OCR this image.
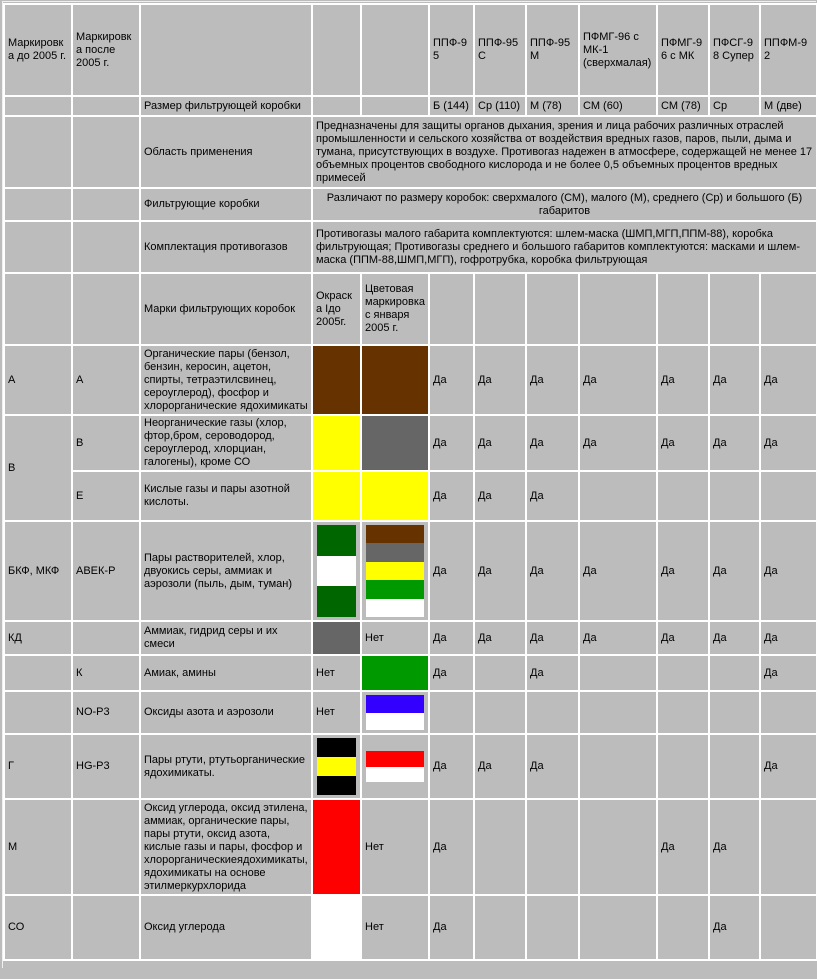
Маркировка до 2005 г.	Маркировка после 2005 г.				ППФ-95	ППФ-95С	ППФ-95М	ПФМГ-96 с МК-1 (сверхмалая)	ПФМГ-96 с МК	ПФСГ-98 Супер	ППФМ-92
		Размер фильтрующей коробки			Б (144)	Ср (110)	М (78)	СМ (60)	СМ (78)	Ср	М (две)
		Область применения	Предназначены для защиты органов дыхания, зрения и лица рабочих различных отраслей промышленности и сельского хозяйства от воздействия вредных газов, паров, пыли, дыма и тумана, присутствующих в воздухе. Противогаз надежен в атмосфере, содержащей не менее 17 объемных процентов свободного кислорода и не более 0,5 объемных процентов вредных примесей								
		Фильтрующие коробки	Различают по размеру коробок: сверхмалого (СМ), малого (М), среднего (Ср) и большого (Б) габаритов								
		Комплектация противогазов	Противогазы малого габарита комплектуются: шлем-маска (ШМП,МГП,ППМ-88), коробка фильтрующая; Противогазы среднего и большого габаритов комплектуются: масками и шлем-маска (ППМ-88,ШМП,МГП), гофротрубка, коробка фильтрующая								
		Марки фильтрующих коробок	Окраска Iдо 2005г.	Цветовая маркировка с января 2005 г.							
А	А	Органические пары (бензол, бензин, керосин, ацетон, спирты, тетраэтилсвинец, сероуглерод), фосфор и хлорорганические ядохимикаты			Да	Да	Да	Да	Да	Да	Да
В	В	Неорганические газы (хлор, фтор,бром, сероводород, сероуглерод, хлорциан, галогены), кроме СО			Да	Да	Да	Да	Да	Да	Да
	Е	Кислые газы и пары азотной кислоты.			Да	Да	Да				
БКФ, МКФ	АВЕК-Р	Пары растворителей, хлор, двуокись серы, аммиак и аэрозоли (пыль, дым, туман)			Да	Да	Да	Да	Да	Да	Да
КД		Аммиак, гидрид серы и их смеси		Нет	Да	Да	Да	Да	Да	Да	Да
	К	Амиак, амины	Нет		Да		Да				Да
	NO-P3	Оксиды азота и аэрозоли	Нет	

Г	HG-P3	Пары ртути, ртутьорганические ядохимикаты.			Да	Да	Да				Да
М		Оксид углерода, оксид этилена, аммиак, органические пары, пары ртути, оксид азота, кислые газы и пары, фосфор и хлорорганическиеядохимикаты, ядохимикаты на основе этилмеркурхлорида		Нет	Да				Да	Да	
СО		Оксид углерода		Нет	Да					Да	
